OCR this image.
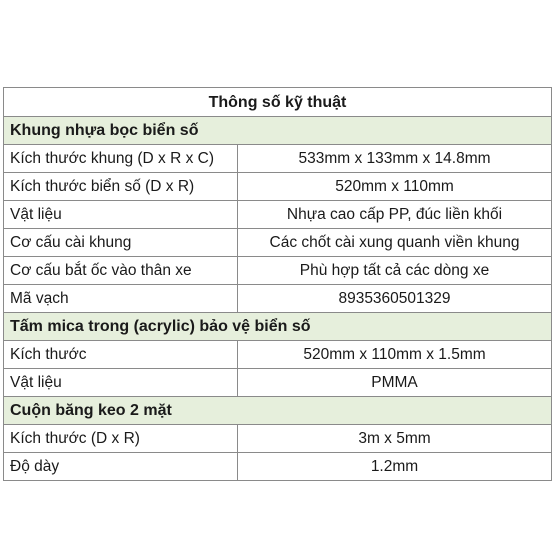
Thông số kỹ thuật	
Khung nhựa bọc biển số	
Kích thước khung (D x R x C)	533mm x 133mm x 14.8mm
Kích thước biển số (D x R)	520mm x 110mm
Vật liệu	Nhựa cao cấp PP, đúc liền khối
Cơ cấu cài khung	Các chốt cài xung quanh viền khung
Cơ cấu bắt ốc vào thân xe	Phù hợp tất cả các dòng xe
Mã vạch	8935360501329
Tấm mica trong (acrylic) bảo vệ biển số	
Kích thước	520mm x 110mm x 1.5mm
Vật liệu	PMMA
Cuộn băng keo 2 mặt	
Kích thước (D x R)	3m x 5mm
Độ dày	1.2mm
